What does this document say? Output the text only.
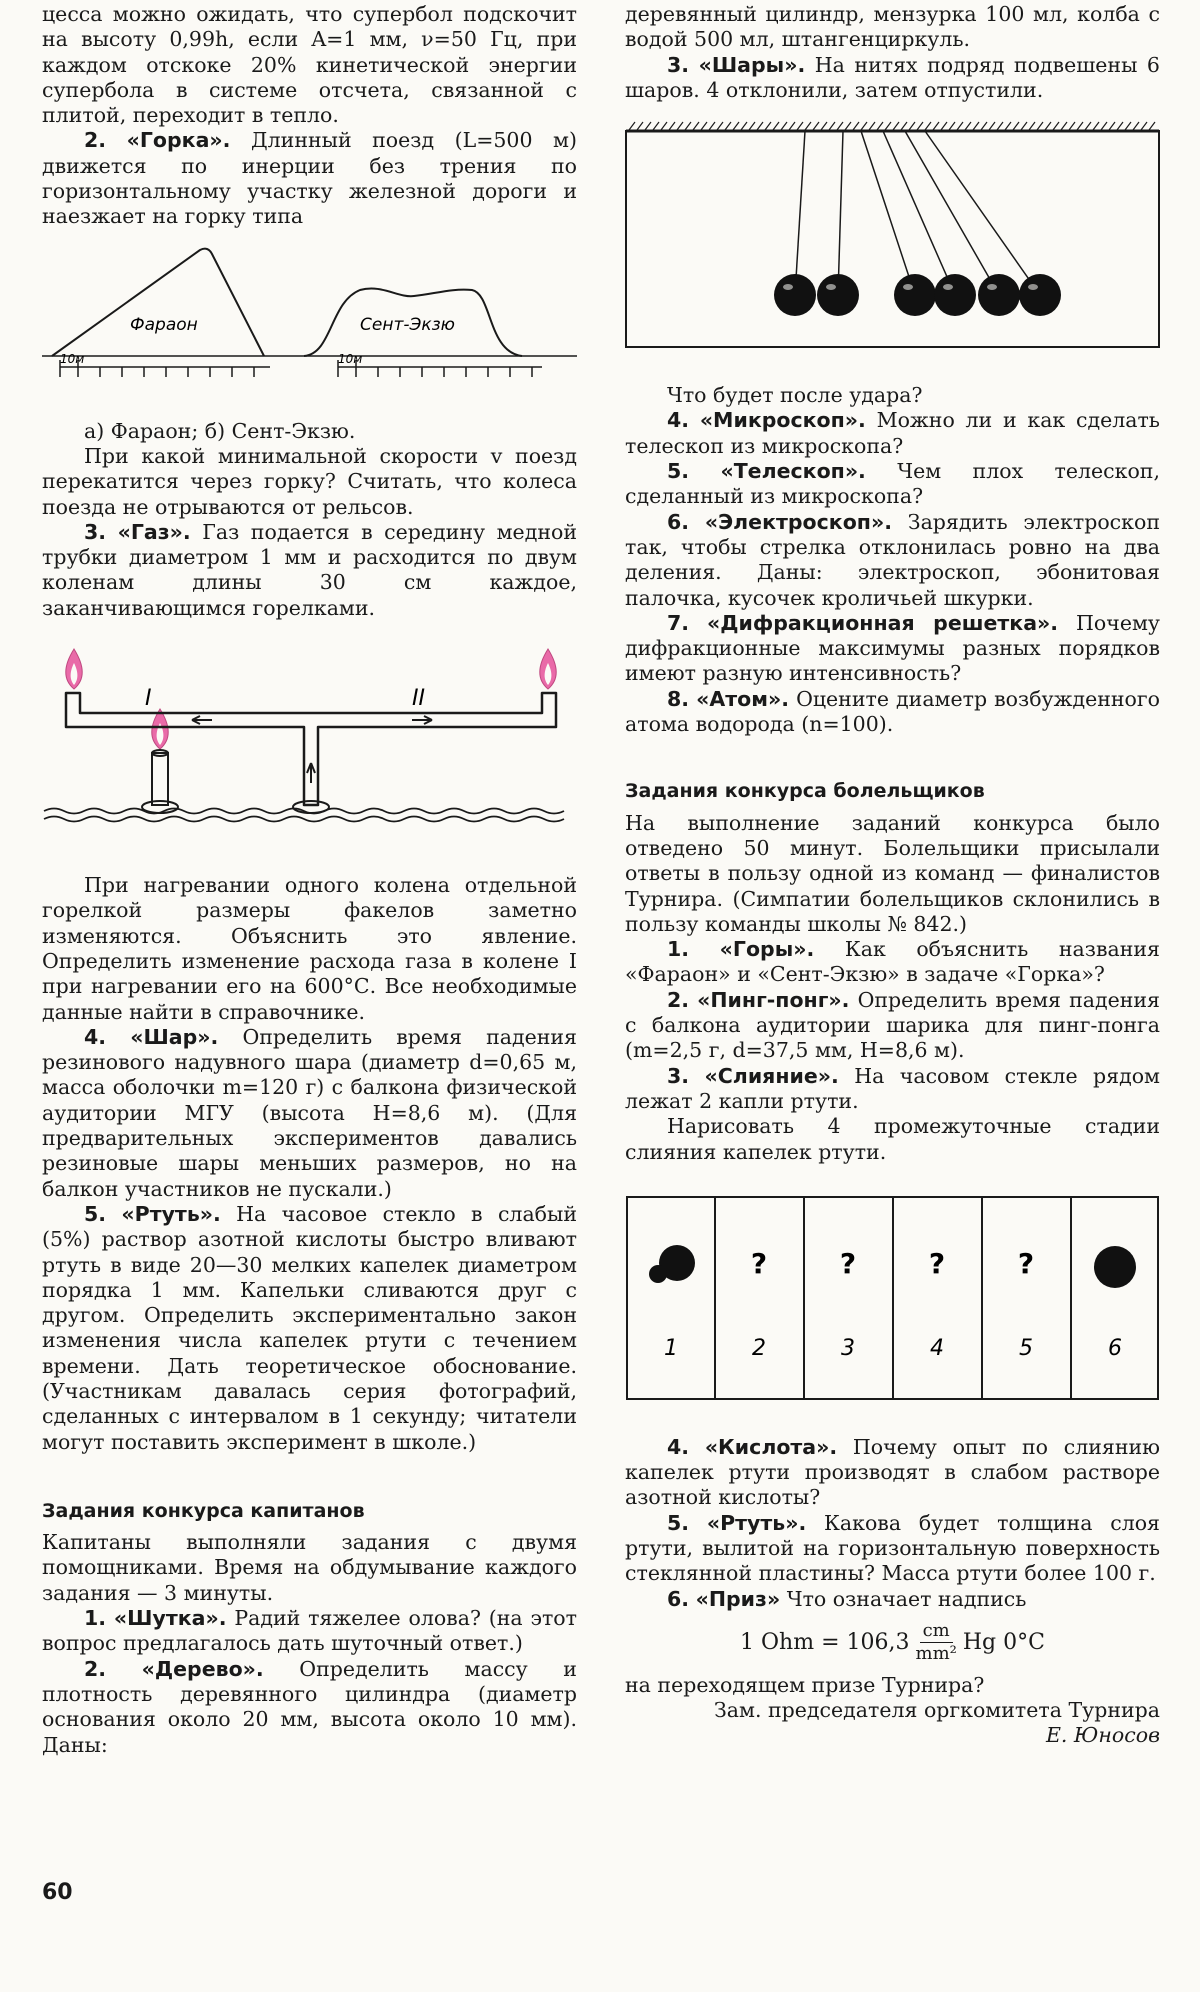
цесса можно ожидать, что супербол подскочит на высоту 0,99h, если A=1 мм, ν=50 Гц, при каждом отскоке 20% кинетической энергии супербола в системе отсчета, связанной с плитой, переходит в тепло.

2. «Горка». Длинный поезд (L=500 м) движется по инерции без трения по горизонтальному участку железной дороги и наезжает на горку типа

Фараон	Сент-Экзю
10м	10м

а) Фараон; б) Сент-Экзю.

При какой минимальной скорости v поезд перекатится через горку? Считать, что колеса поезда не отрываются от рельсов.

3. «Газ». Газ подается в середину медной трубки диаметром 1 мм и расходится по двум коленам длины 30 см каждое, заканчивающимся горелками.

I	II

При нагревании одного колена отдельной горелкой размеры факелов заметно изменяются. Объяснить это явление. Определить изменение расхода газа в колене I при нагревании его на 600°С. Все необходимые данные найти в справочнике.

4. «Шар». Определить время падения резинового надувного шара (диаметр d=0,65 м, масса оболочки m=120 г) с балкона физической аудитории МГУ (высота H=8,6 м). (Для предварительных экспериментов давались резиновые шары меньших размеров, но на балкон участников не пускали.)

5. «Ртуть». На часовое стекло в слабый (5%) раствор азотной кислоты быстро вливают ртуть в виде 20—30 мелких капелек диаметром порядка 1 мм. Капельки сливаются друг с другом. Определить экспериментально закон изменения числа капелек ртути с течением времени. Дать теоретическое обоснование. (Участникам давалась серия фотографий, сделанных с интервалом в 1 секунду; читатели могут поставить эксперимент в школе.)

Задания конкурса капитанов

Капитаны выполняли задания с двумя помощниками. Время на обдумывание каждого задания — 3 минуты.

1. «Шутка». Радий тяжелее олова? (на этот вопрос предлагалось дать шуточный ответ.)

2. «Дерево». Определить массу и плотность деревянного цилиндра (диаметр основания около 20 мм, высота около 10 мм). Даны:

деревянный цилиндр, мензурка 100 мл, колба с водой 500 мл, штангенциркуль.

3. «Шары». На нитях подряд подвешены 6 шаров. 4 отклонили, затем отпустили.

Что будет после удара?

4. «Микроскоп». Можно ли и как сделать телескоп из микроскопа?

5. «Телескоп». Чем плох телескоп, сделанный из микроскопа?

6. «Электроскоп». Зарядить электроскоп так, чтобы стрелка отклонилась ровно на два деления. Даны: электроскоп, эбонитовая палочка, кусочек кроличьей шкурки.

7. «Дифракционная решетка». Почему дифракционные максимумы разных порядков имеют разную интенсивность?

8. «Атом». Оцените диаметр возбужденного атома водорода (n=100).

Задания конкурса болельщиков

На выполнение заданий конкурса было отведено 50 минут. Болельщики присылали ответы в пользу одной из команд — финалистов Турнира. (Симпатии болельщиков склонились в пользу команды школы № 842.)

1. «Горы». Как объяснить названия «Фараон» и «Сент-Экзю» в задаче «Горка»?

2. «Пинг-понг». Определить время падения с балкона аудитории шарика для пинг-понга (m=2,5 г, d=37,5 мм, H=8,6 м).

3. «Слияние». На часовом стекле рядом лежат 2 капли ртути.

Нарисовать 4 промежуточные стадии слияния капелек ртути.

?	?	?	?
1	2	3	4	5	6

4. «Кислота». Почему опыт по слиянию капелек ртути производят в слабом растворе азотной кислоты?

5. «Ртуть». Какова будет толщина слоя ртути, вылитой на горизонтальную поверхность стеклянной пластины? Масса ртути более 100 г.

6. «Приз» Что означает надпись

1 Ohm = $106,3 \frac{cm}{\text{mm²}}$ Hg 0°C

на переходящем призе Турнира?

Зам. председателя оргкомитета Турнира

Е. Юносов

60
